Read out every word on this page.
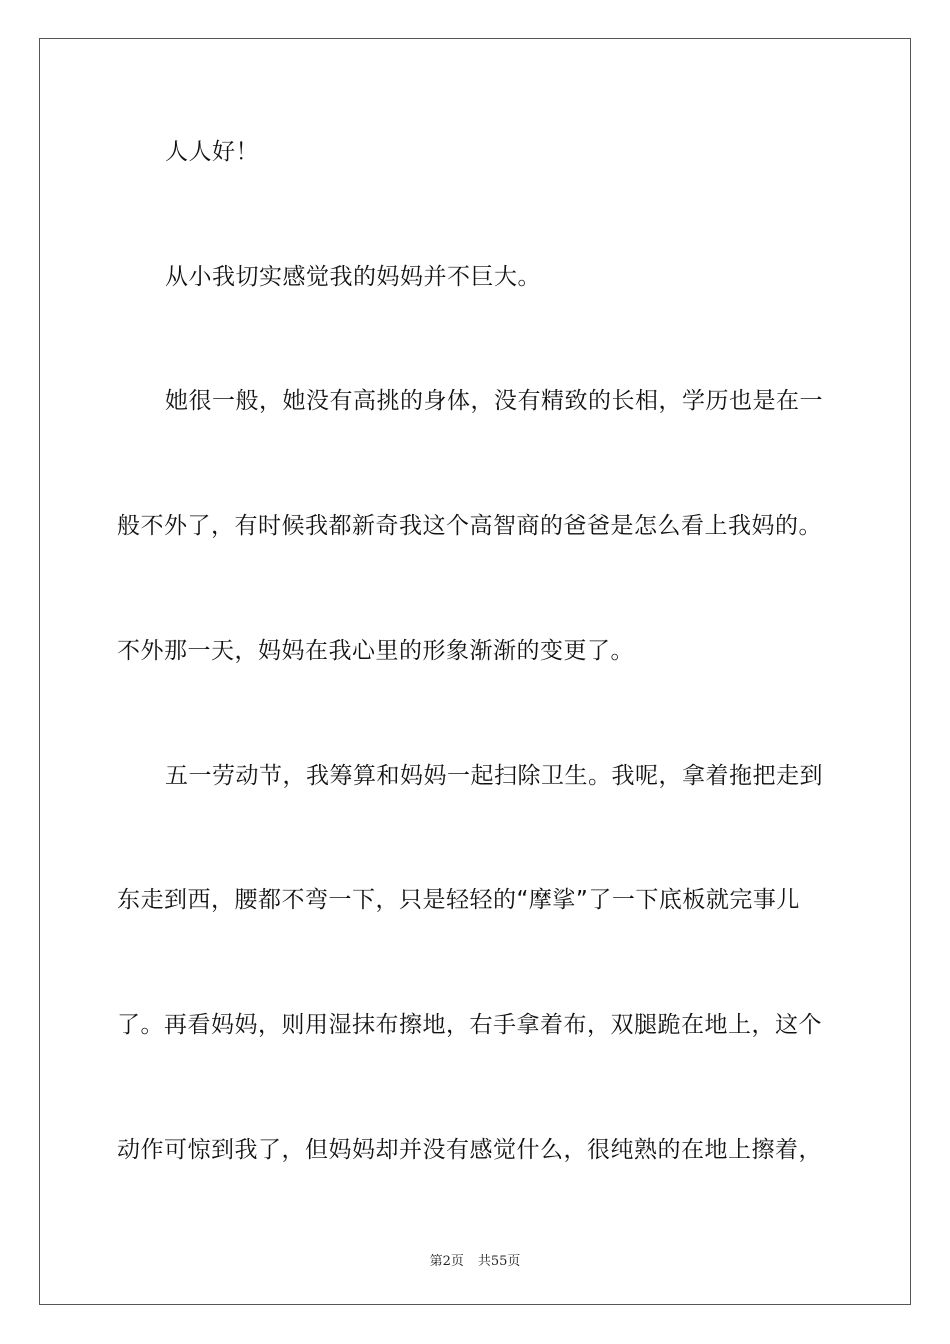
人人好！
从小我切实感觉我的妈妈并不巨大。
她很一般，她没有高挑的身体，没有精致的长相，学历也是在一
般不外了，有时候我都新奇我这个高智商的爸爸是怎么看上我妈的。
不外那一天，妈妈在我心里的形象渐渐的变更了。
五一劳动节，我筹算和妈妈一起扫除卫生。我呢，拿着拖把走到
东走到西，腰都不弯一下，只是轻轻的“摩挲”了一下底板就完事儿
了。再看妈妈，则用湿抹布擦地，右手拿着布，双腿跪在地上，这个
动作可惊到我了，但妈妈却并没有感觉什么，很纯熟的在地上擦着，
第2页 共55页
